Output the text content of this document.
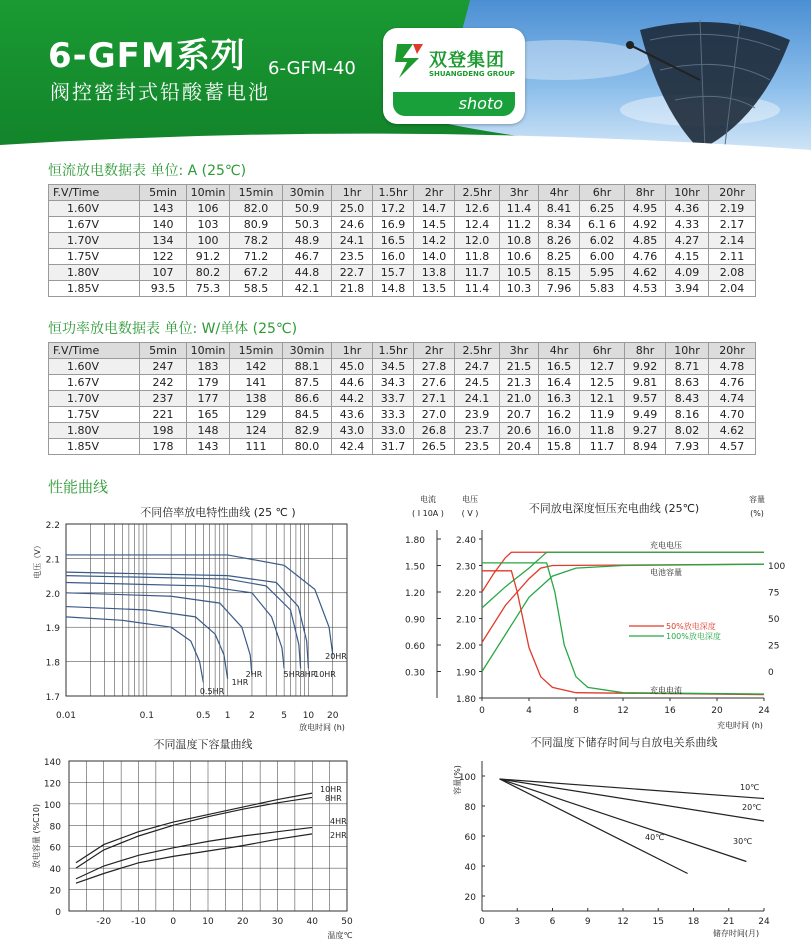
6-GFM系列
阀控密封式铅酸蓄电池
6-GFM-40	双登集团
SHUANGDENG GROUP
shoto
恒流放电数据表 单位: A (25℃)
F.V/Time	5min	10min	15min	30min	1hr	1.5hr	2hr	2.5hr	3hr	4hr	6hr	8hr	10hr	20hr
1.60V	143	106	82.0	50.9	25.0	17.2	14.7	12.6	11.4	8.41	6.25	4.95	4.36	2.19
1.67V	140	103	80.9	50.3	24.6	16.9	14.5	12.4	11.2	8.34	6.1 6	4.92	4.33	2.17
1.70V	134	100	78.2	48.9	24.1	16.5	14.2	12.0	10.8	8.26	6.02	4.85	4.27	2.14
1.75V	122	91.2	71.2	46.7	23.5	16.0	14.0	11.8	10.6	8.25	6.00	4.76	4.15	2.11
1.80V	107	80.2	67.2	44.8	22.7	15.7	13.8	11.7	10.5	8.15	5.95	4.62	4.09	2.08
1.85V	93.5	75.3	58.5	42.1	21.8	14.8	13.5	11.4	10.3	7.96	5.83	4.53	3.94	2.04
恒功率放电数据表 单位: W/单体 (25℃)
F.V/Time	5min	10min	15min	30min	1hr	1.5hr	2hr	2.5hr	3hr	4hr	6hr	8hr	10hr	20hr
1.60V	247	183	142	88.1	45.0	34.5	27.8	24.7	21.5	16.5	12.7	9.92	8.71	4.78
1.67V	242	179	141	87.5	44.6	34.3	27.6	24.5	21.3	16.4	12.5	9.81	8.63	4.76
1.70V	237	177	138	86.6	44.2	33.7	27.1	24.1	21.0	16.3	12.1	9.57	8.43	4.74
1.75V	221	165	129	84.5	43.6	33.3	27.0	23.9	20.7	16.2	11.9	9.49	8.16	4.70
1.80V	198	148	124	82.9	43.0	33.0	26.8	23.7	20.6	16.0	11.8	9.27	8.02	4.62
1.85V	178	143	111	80.0	42.4	31.7	26.5	23.5	20.4	15.8	11.7	8.94	7.93	4.57
性能曲线
不同倍率放电特性曲线 (25 ℃ )
1.7
1.8
1.9
2.0
2.1
2.2
0.01	0.1	0.5 1 2	5 10 20
电压（V）
放电时间 (h)
0.5HR
1HR
2HR	5HR 8HR
10HR
20HR
不同放电深度恒压充电曲线 (25℃)
电流
( I 10A )
电压
( V )
容量
(%)
1.80
1.50
1.20
0.90
0.60
0.30
2.40
2.30
2.20
2.10
2.00
1.90
1.80
100
75
50
25
0
0	4	8	12	16	20	24
充电时间 (h)
充电电压
电池容量
充电电流
50%放电深度
100%放电深度
不同温度下容量曲线
0
20
40
60
80
100
120
140
-20 -10	0	10	20	30	40	50
放电容量 (%C10)
温度℃
10HR
8HR
4HR
2HR
不同温度下储存时间与自放电关系曲线
20
40
60
80
100
0	3	6	9	12	15	18	21	24
容量(%)
储存时间(月)
10℃
20℃
30℃
40℃
